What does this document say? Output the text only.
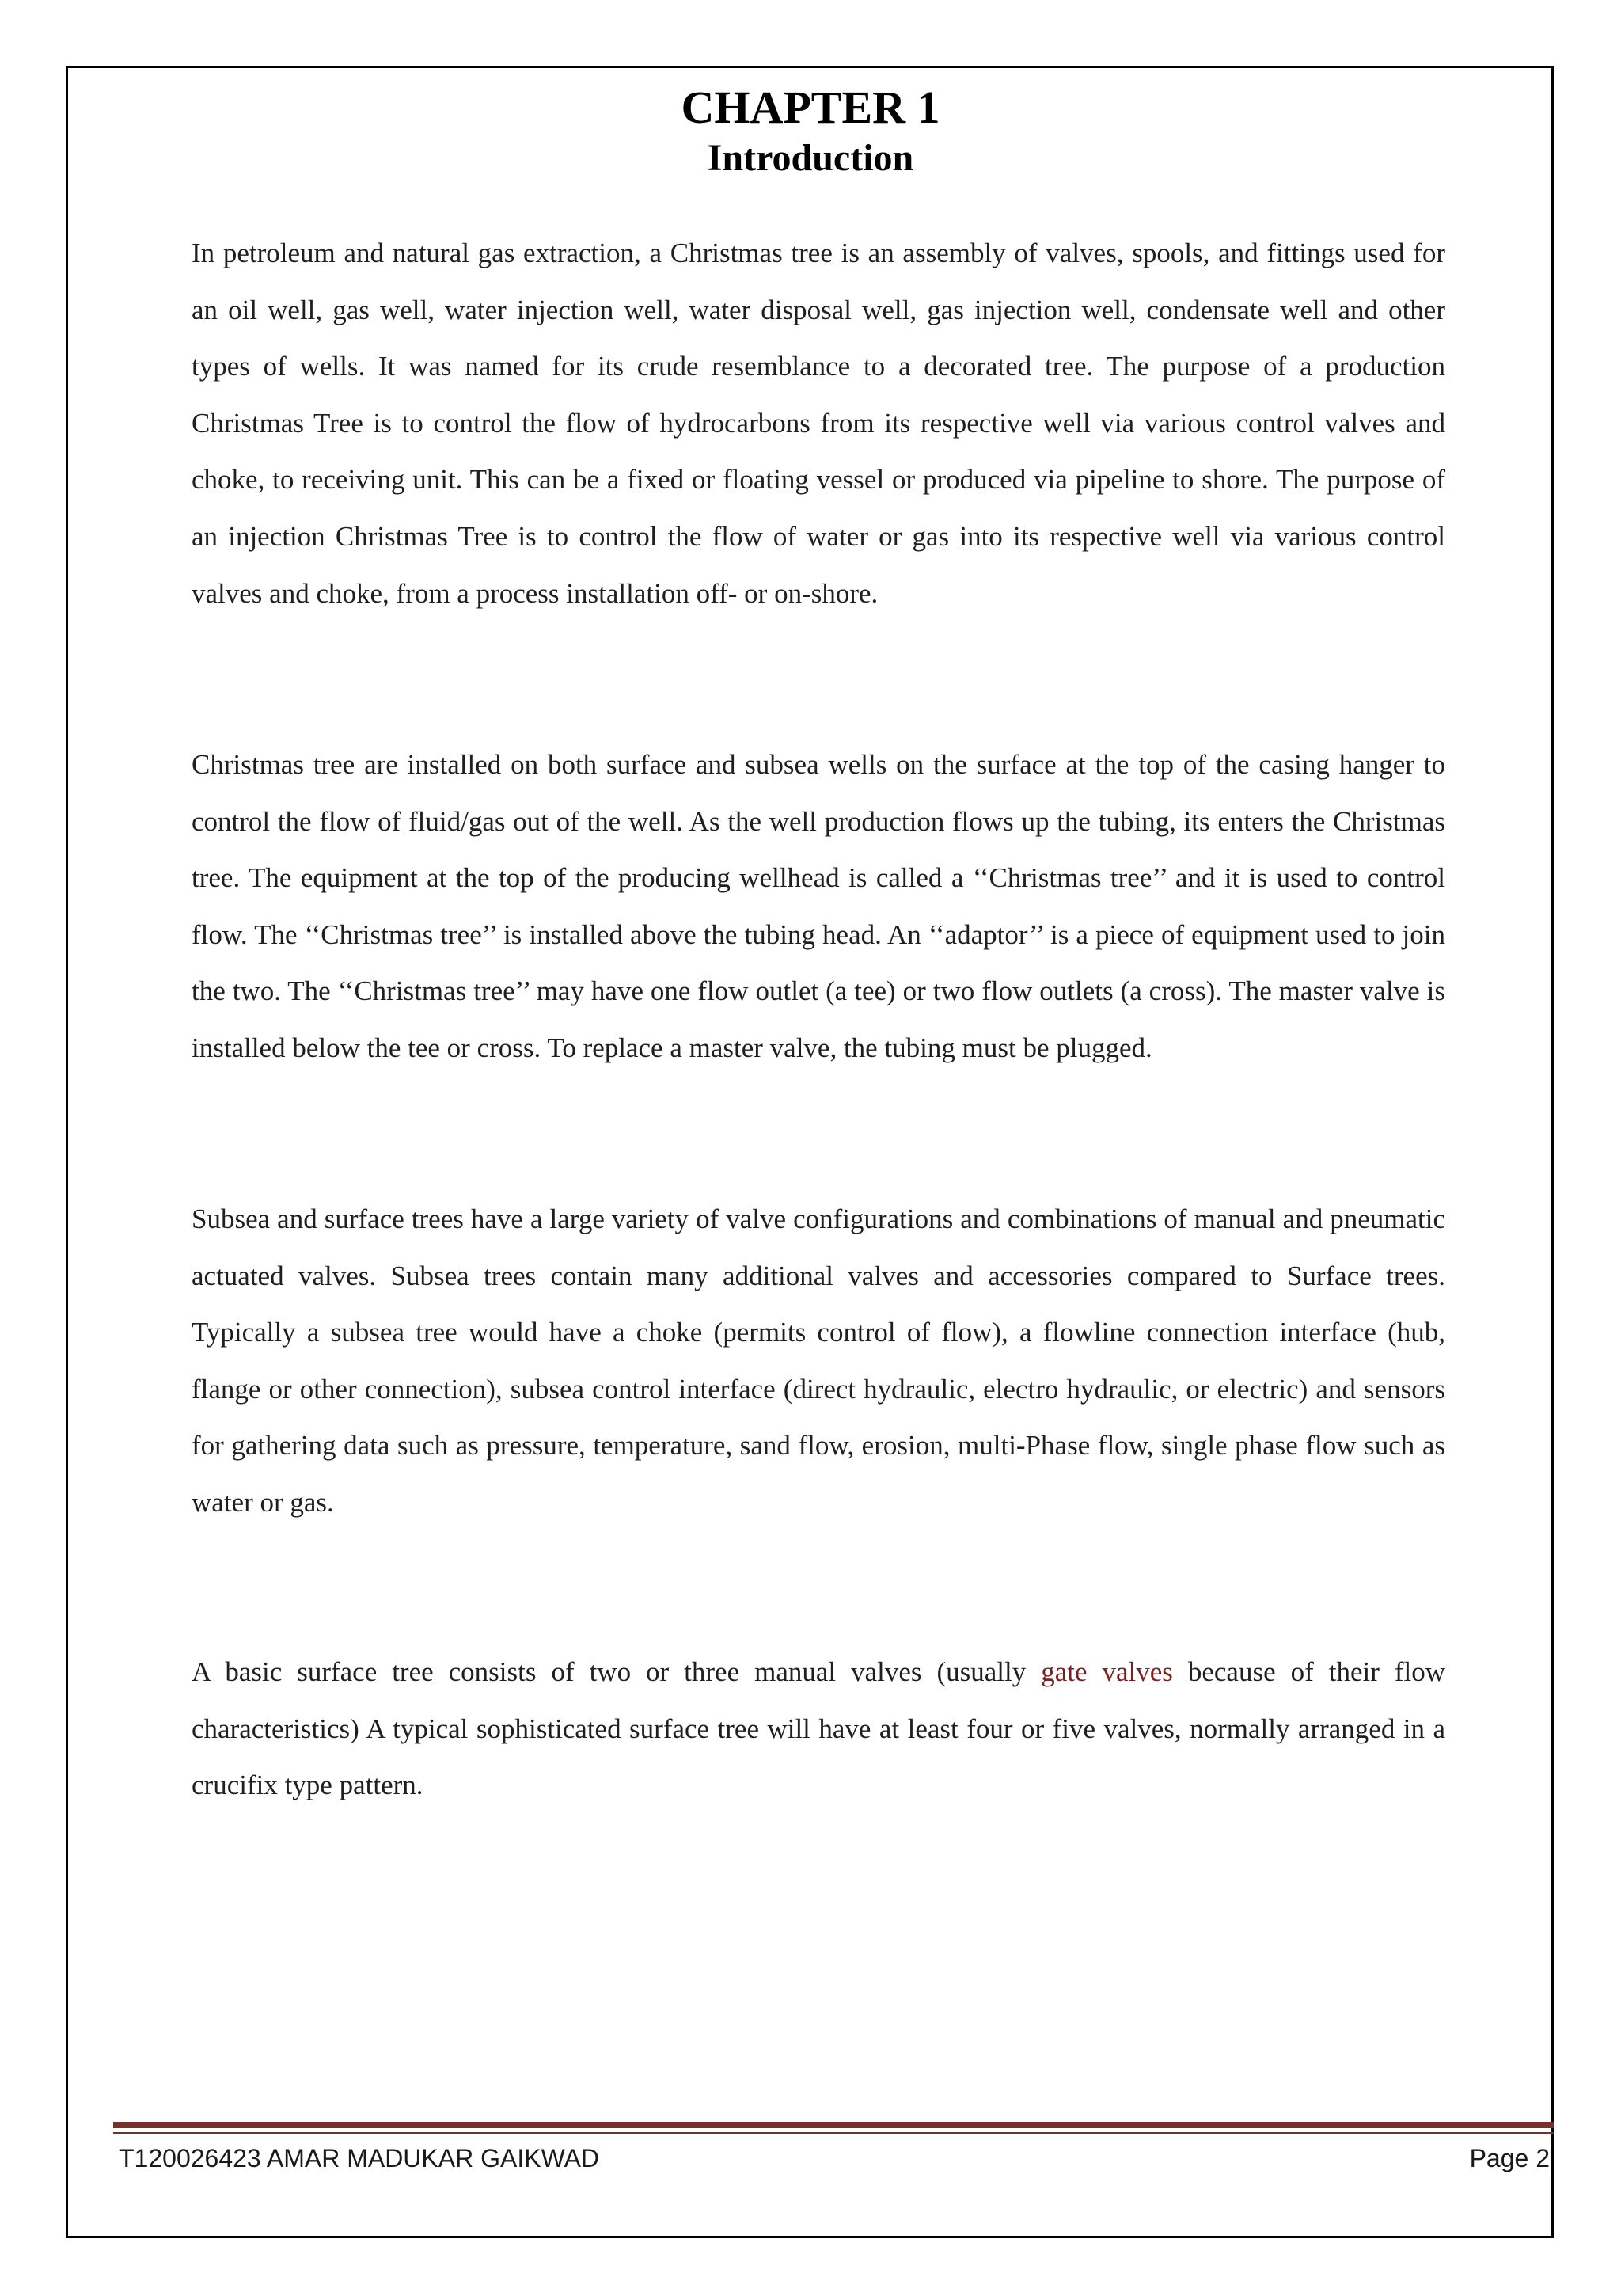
CHAPTER 1
Introduction

In petroleum and natural gas extraction, a Christmas tree is an assembly of valves, spools, and fittings used for an oil well, gas well, water injection well, water disposal well, gas injection well, condensate well and other types of wells. It was named for its crude resemblance to a decorated tree. The purpose of a production Christmas Tree is to control the flow of hydrocarbons from its respective well via various control valves and choke, to receiving unit. This can be a fixed or floating vessel or produced via pipeline to shore. The purpose of an injection Christmas Tree is to control the flow of water or gas into its respective well via various control valves and choke, from a process installation off- or on-shore.

Christmas tree are installed on both surface and subsea wells on the surface at the top of the casing hanger to control the flow of fluid/gas out of the well. As the well production flows up the tubing, its enters the Christmas tree. The equipment at the top of the producing wellhead is called a ‘‘Christmas tree’’ and it is used to control flow. The ‘‘Christmas tree’’ is installed above the tubing head. An ‘‘adaptor’’ is a piece of equipment used to join the two. The ‘‘Christmas tree’’ may have one flow outlet (a tee) or two flow outlets (a cross). The master valve is installed below the tee or cross. To replace a master valve, the tubing must be plugged.

Subsea and surface trees have a large variety of valve configurations and combinations of manual and pneumatic actuated valves. Subsea trees contain many additional valves and accessories compared to Surface trees. Typically a subsea tree would have a choke (permits control of flow), a flowline connection interface (hub, flange or other connection), subsea control interface (direct hydraulic, electro hydraulic, or electric) and sensors for gathering data such as pressure, temperature, sand flow, erosion, multi-Phase flow, single phase flow such as water or gas.

A basic surface tree consists of two or three manual valves (usually gate valves because of their flow characteristics) A typical sophisticated surface tree will have at least four or five valves, normally arranged in a crucifix type pattern.

T120026423 AMAR MADUKAR GAIKWAD	Page 2
